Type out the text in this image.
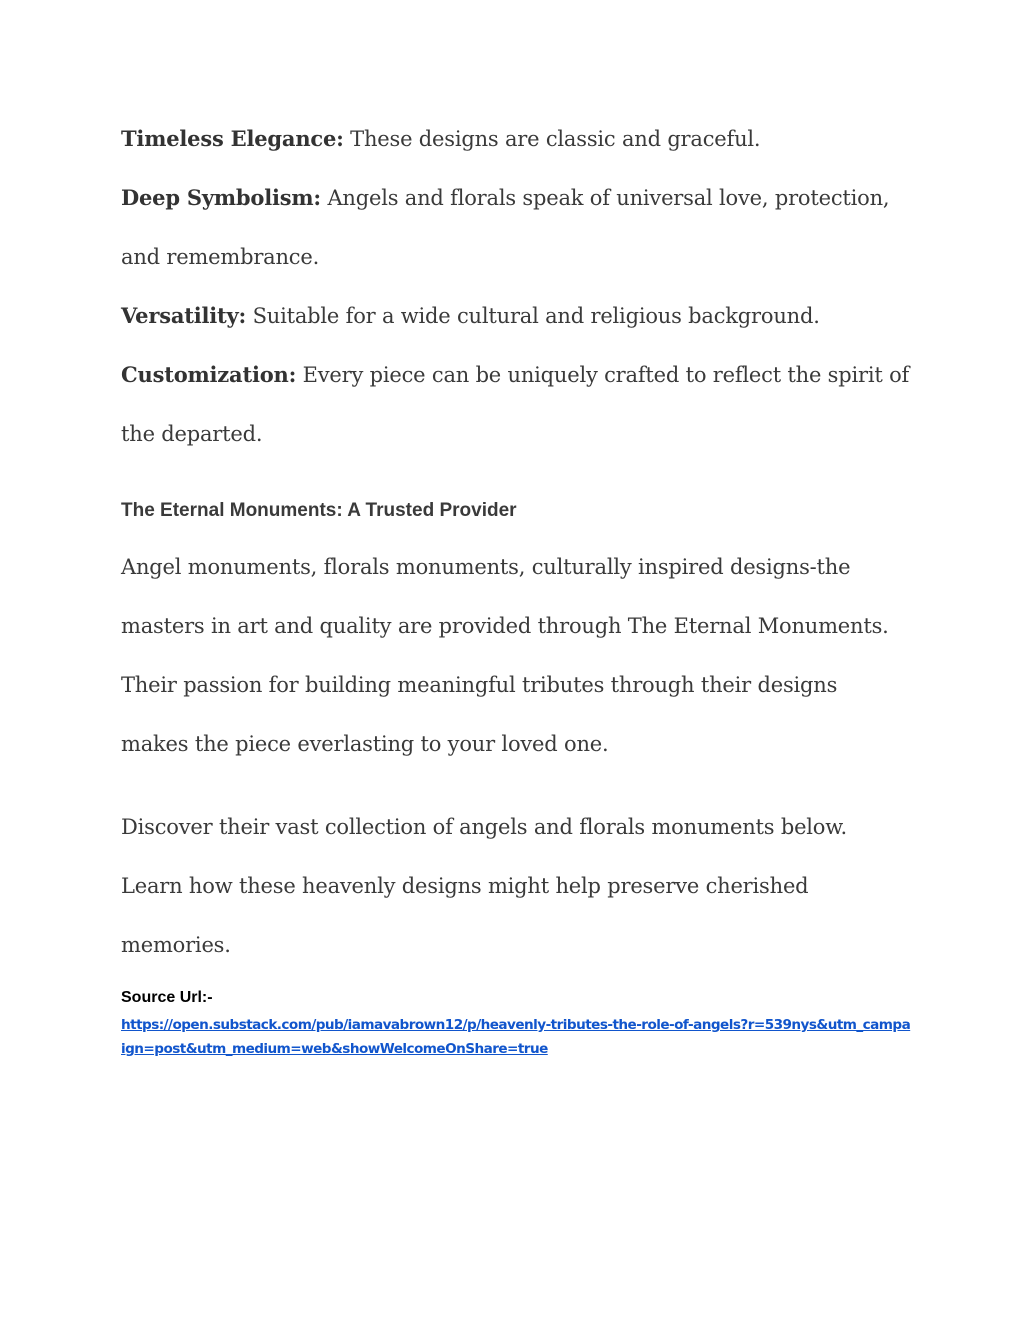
Timeless Elegance: These designs are classic and graceful.

Deep Symbolism: Angels and florals speak of universal love, protection, and remembrance.

Versatility: Suitable for a wide cultural and religious background.

Customization: Every piece can be uniquely crafted to reflect the spirit of the departed.

The Eternal Monuments: A Trusted Provider

Angel monuments, florals monuments, culturally inspired designs-the masters in art and quality are provided through The Eternal Monuments. Their passion for building meaningful tributes through their designs makes the piece everlasting to your loved one.

Discover their vast collection of angels and florals monuments below. Learn how these heavenly designs might help preserve cherished memories.

Source Url:-

https://open.substack.com/pub/iamavabrown12/p/heavenly-tributes-the-role-of-angels?r=539nys&utm_campaign=post&utm_medium=web&showWelcomeOnShare=true
